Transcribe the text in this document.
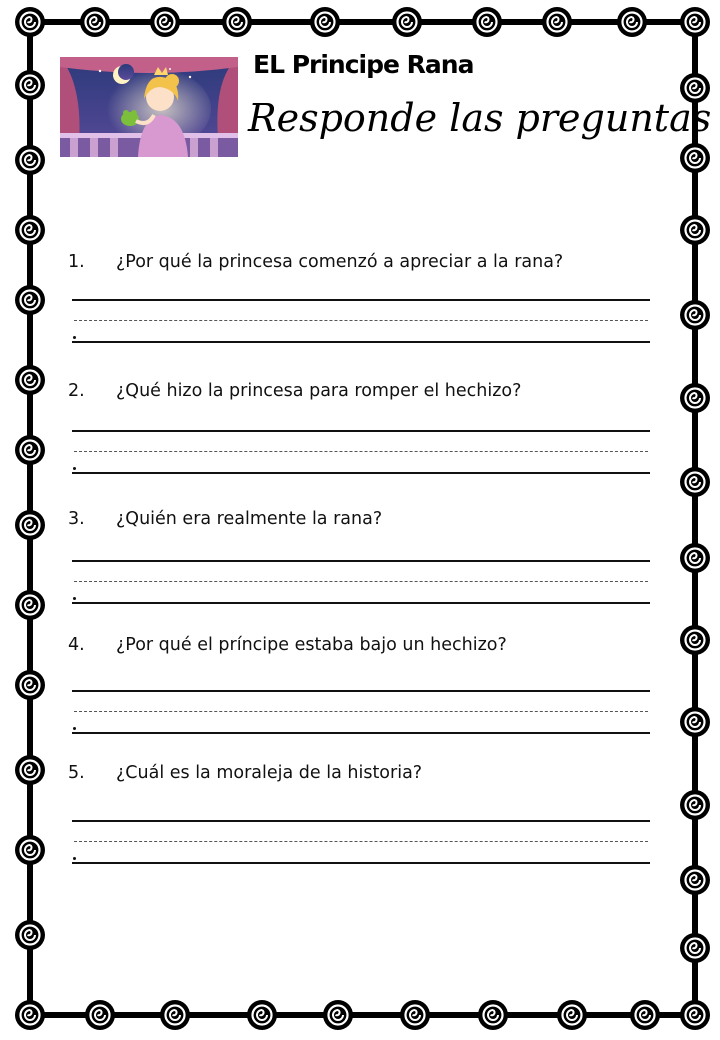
EL Principe Rana
Responde las preguntas
1. ¿Por qué la princesa comenzó a apreciar a la rana?
2. ¿Qué hizo la princesa para romper el hechizo?
3. ¿Quién era realmente la rana?
4. ¿Por qué el príncipe estaba bajo un hechizo?
5. ¿Cuál es la moraleja de la historia?
